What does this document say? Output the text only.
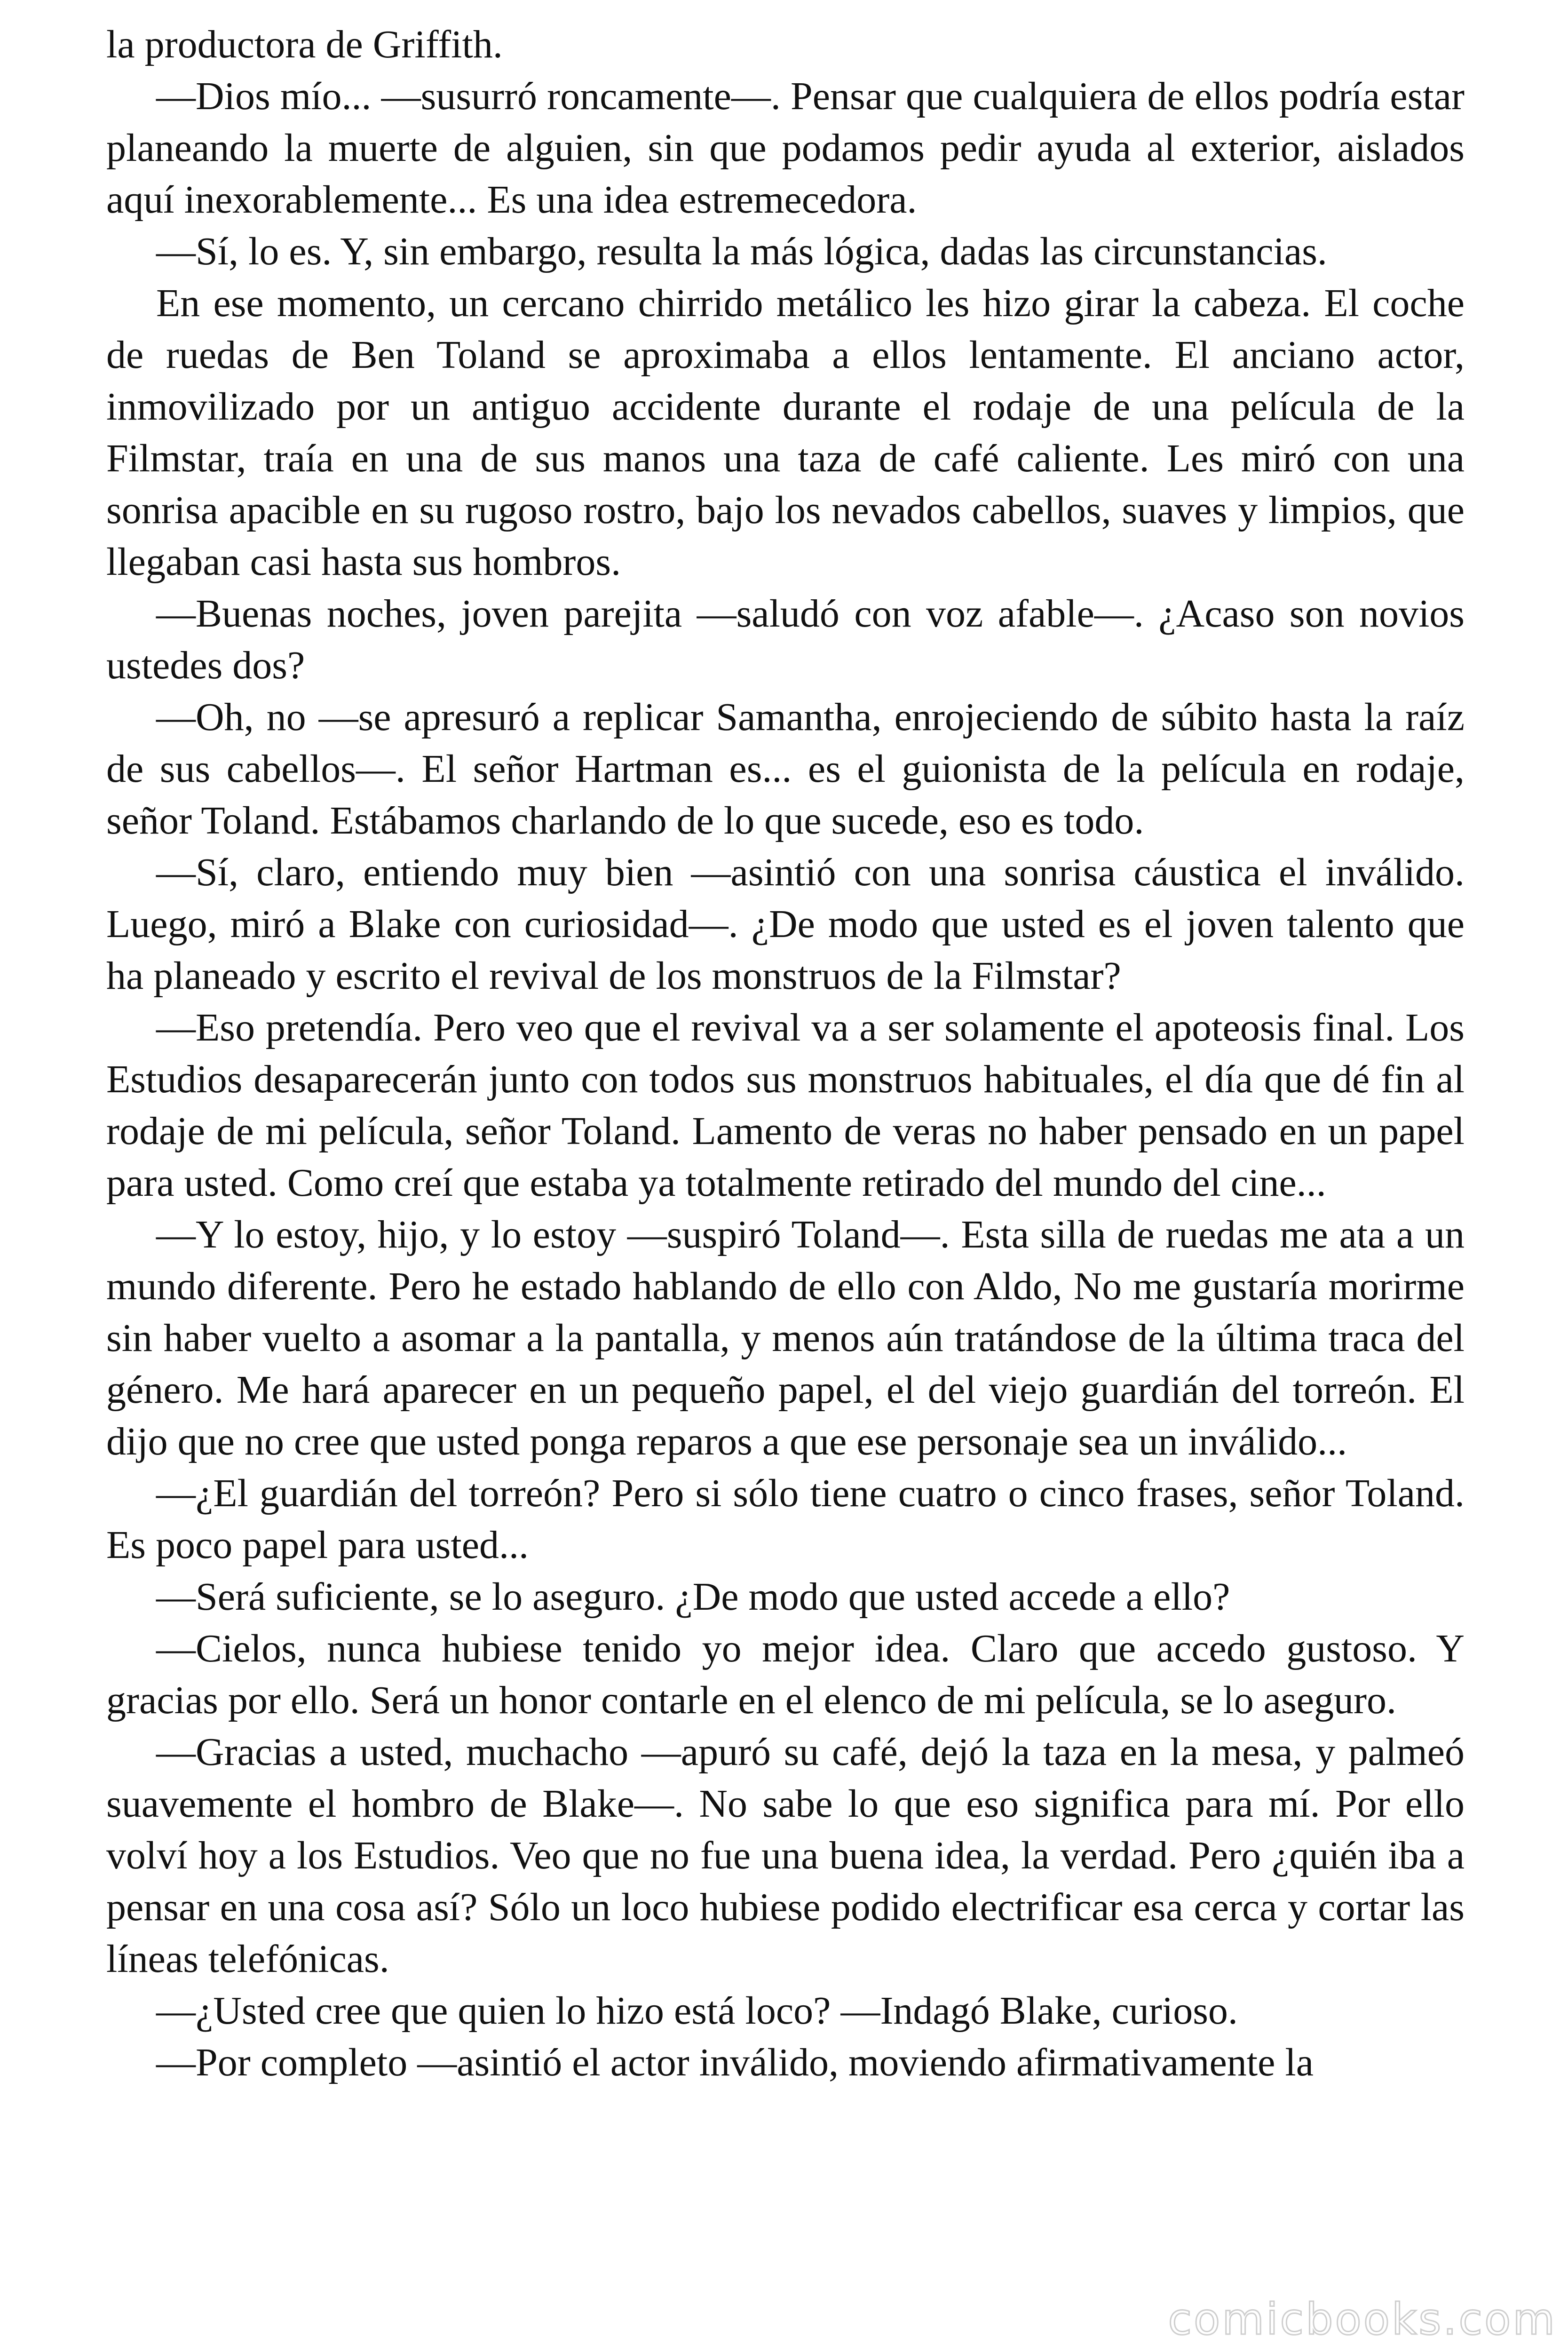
la productora de Griffith.

—Dios mío... —susurró roncamente—. Pensar que cualquiera de ellos podría estar planeando la muerte de alguien, sin que podamos pedir ayuda al exterior, aislados aquí inexorablemente... Es una idea estremecedora.

—Sí, lo es. Y, sin embargo, resulta la más lógica, dadas las circunstancias.

En ese momento, un cercano chirrido metálico les hizo girar la cabeza. El coche de ruedas de Ben Toland se aproximaba a ellos lentamente. El anciano actor, inmovilizado por un antiguo accidente durante el rodaje de una película de la Filmstar, traía en una de sus manos una taza de café caliente. Les miró con una sonrisa apacible en su rugoso rostro, bajo los nevados cabellos, suaves y limpios, que llegaban casi hasta sus hombros.

—Buenas noches, joven parejita —saludó con voz afable—. ¿Acaso son novios ustedes dos?

—Oh, no —se apresuró a replicar Samantha, enrojeciendo de súbito hasta la raíz de sus cabellos—. El señor Hartman es... es el guionista de la película en rodaje, señor Toland. Estábamos charlando de lo que sucede, eso es todo.

—Sí, claro, entiendo muy bien —asintió con una sonrisa cáustica el inválido. Luego, miró a Blake con curiosidad—. ¿De modo que usted es el joven talento que ha planeado y escrito el revival de los monstruos de la Filmstar?

—Eso pretendía. Pero veo que el revival va a ser solamente el apoteosis final. Los Estudios desaparecerán junto con todos sus monstruos habituales, el día que dé fin al rodaje de mi película, señor Toland. Lamento de veras no haber pensado en un papel para usted. Como creí que estaba ya totalmente retirado del mundo del cine...

—Y lo estoy, hijo, y lo estoy —suspiró Toland—. Esta silla de ruedas me ata a un mundo diferente. Pero he estado hablando de ello con Aldo, No me gustaría morirme sin haber vuelto a asomar a la pantalla, y menos aún tratándose de la última traca del género. Me hará aparecer en un pequeño papel, el del viejo guardián del torreón. El dijo que no cree que usted ponga reparos a que ese personaje sea un inválido...

—¿El guardián del torreón? Pero si sólo tiene cuatro o cinco frases, señor Toland. Es poco papel para usted...

—Será suficiente, se lo aseguro. ¿De modo que usted accede a ello?

—Cielos, nunca hubiese tenido yo mejor idea. Claro que accedo gustoso. Y gracias por ello. Será un honor contarle en el elenco de mi película, se lo aseguro.

—Gracias a usted, muchacho —apuró su café, dejó la taza en la mesa, y palmeó suavemente el hombro de Blake—. No sabe lo que eso significa para mí. Por ello volví hoy a los Estudios. Veo que no fue una buena idea, la verdad. Pero ¿quién iba a pensar en una cosa así? Sólo un loco hubiese podido electrificar esa cerca y cortar las líneas telefónicas.

—¿Usted cree que quien lo hizo está loco? —Indagó Blake, curioso.

—Por completo —asintió el actor inválido, moviendo afirmativamente la

comicbooks.com
